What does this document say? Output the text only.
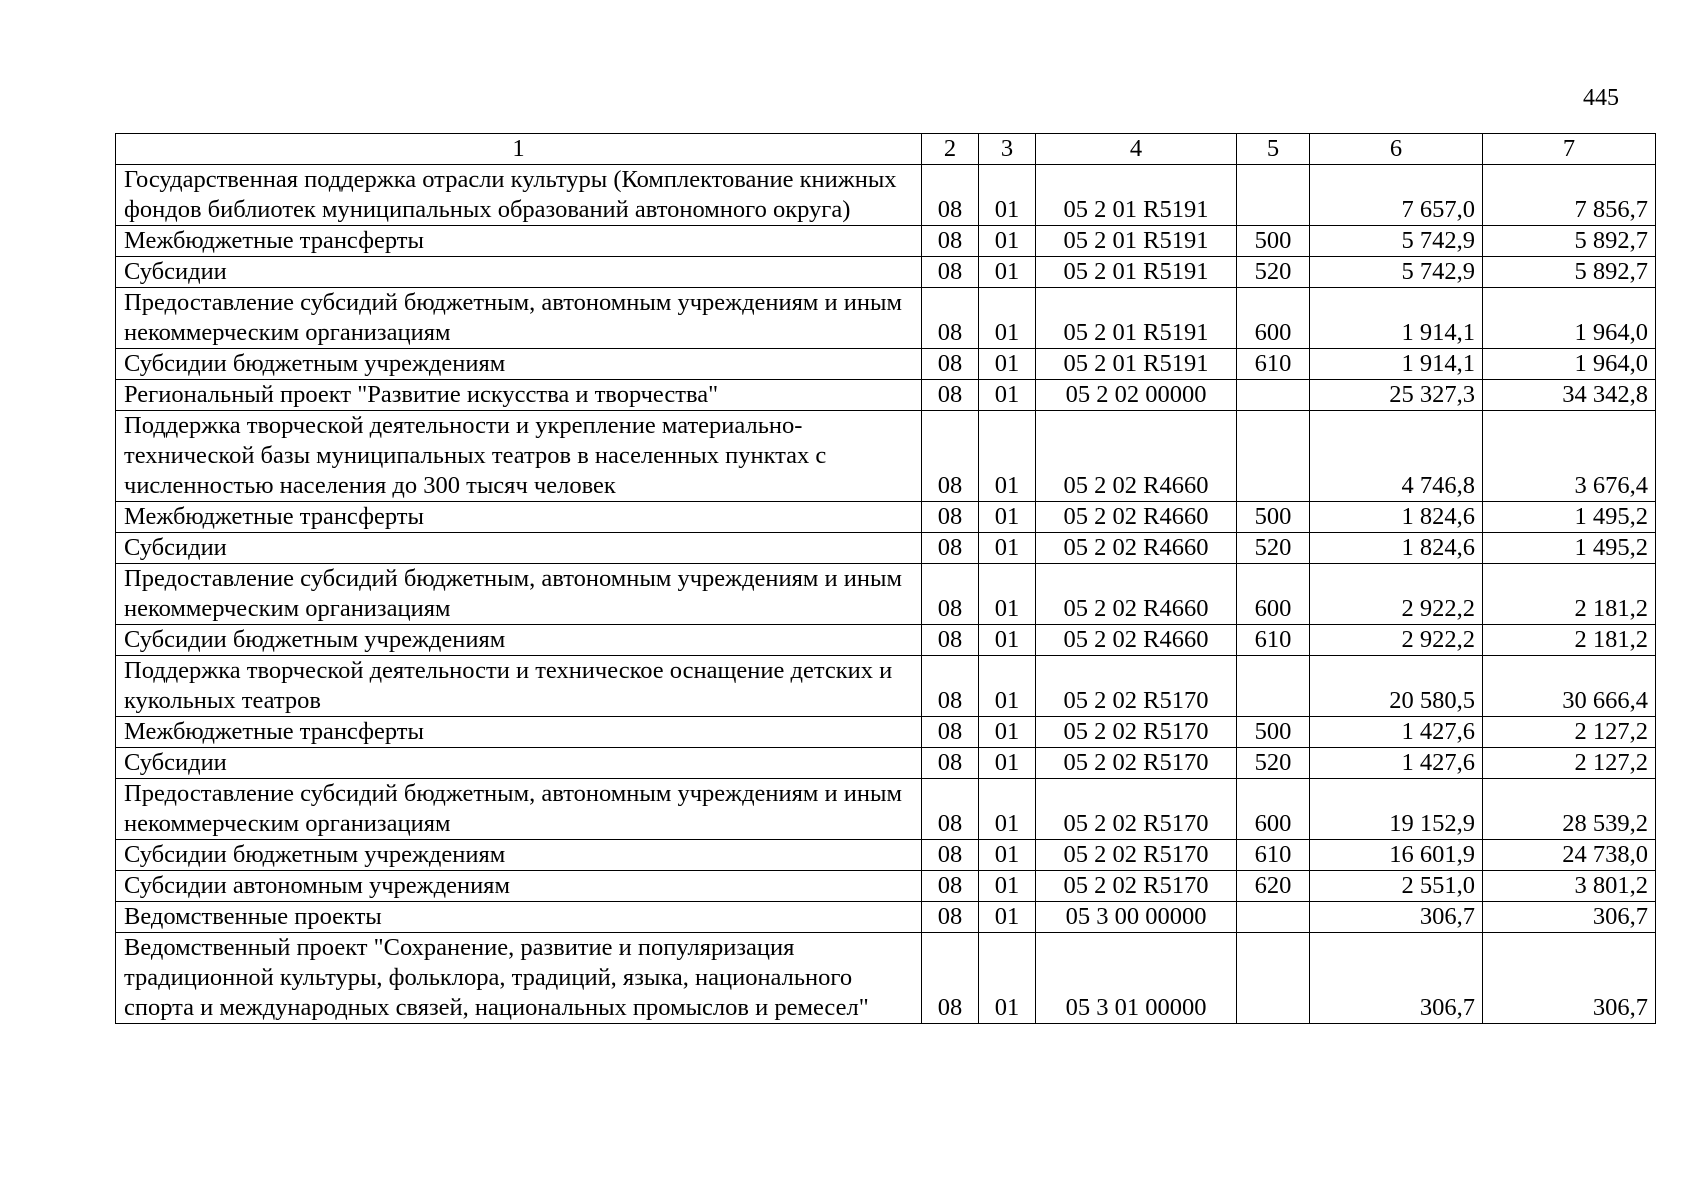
445
1	2	3	4	5	6	7
Государственная поддержка отрасли культуры (Комплектование книжных фондов библиотек муниципальных образований автономного округа)	08	01	05 2 01 R5191		7 657,0	7 856,7
Межбюджетные трансферты	08	01	05 2 01 R5191	500	5 742,9	5 892,7
Субсидии	08	01	05 2 01 R5191	520	5 742,9	5 892,7
Предоставление субсидий бюджетным, автономным учреждениям и иным некоммерческим организациям	08	01	05 2 01 R5191	600	1 914,1	1 964,0
Субсидии бюджетным учреждениям	08	01	05 2 01 R5191	610	1 914,1	1 964,0
Региональный проект "Развитие искусства и творчества"	08	01	05 2 02 00000		25 327,3	34 342,8
Поддержка творческой деятельности и укрепление материально-технической базы муниципальных театров в населенных пунктах с численностью населения до 300 тысяч человек	08	01	05 2 02 R4660		4 746,8	3 676,4
Межбюджетные трансферты	08	01	05 2 02 R4660	500	1 824,6	1 495,2
Субсидии	08	01	05 2 02 R4660	520	1 824,6	1 495,2
Предоставление субсидий бюджетным, автономным учреждениям и иным некоммерческим организациям	08	01	05 2 02 R4660	600	2 922,2	2 181,2
Субсидии бюджетным учреждениям	08	01	05 2 02 R4660	610	2 922,2	2 181,2
Поддержка творческой деятельности и техническое оснащение детских и кукольных театров	08	01	05 2 02 R5170		20 580,5	30 666,4
Межбюджетные трансферты	08	01	05 2 02 R5170	500	1 427,6	2 127,2
Субсидии	08	01	05 2 02 R5170	520	1 427,6	2 127,2
Предоставление субсидий бюджетным, автономным учреждениям и иным некоммерческим организациям	08	01	05 2 02 R5170	600	19 152,9	28 539,2
Субсидии бюджетным учреждениям	08	01	05 2 02 R5170	610	16 601,9	24 738,0
Субсидии автономным учреждениям	08	01	05 2 02 R5170	620	2 551,0	3 801,2
Ведомственные проекты	08	01	05 3 00 00000		306,7	306,7
Ведомственный проект "Сохранение, развитие и популяризация традиционной культуры, фольклора, традиций, языка, национального спорта и международных связей, национальных промыслов и ремесел"	08	01	05 3 01 00000		306,7	306,7
